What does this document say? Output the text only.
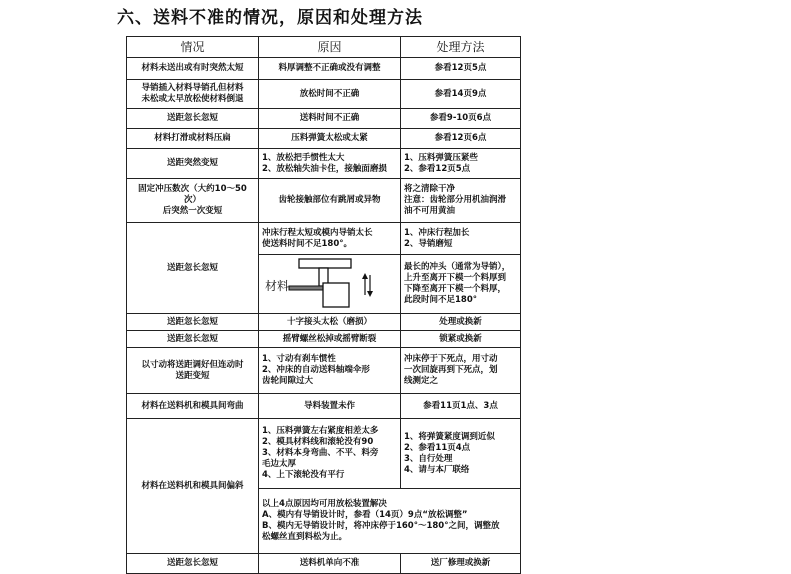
六、送料不准的情况，原因和处理方法
情况	原因	处理方法
材料未送出或有时突然太短	料厚调整不正确或没有调整	参看12页5点
导销插入材料导销孔但材料
未松或太早放松使材料倒退	放松时间不正确	参看14页9点
送距忽长忽短	送料时间不正确	参看9-10页6点
材料打滑或材料压扁	压料弹簧太松或太紧	参看12页6点
送距突然变短	1、放松把手惯性太大
2、放松轴失油卡住，接触面磨损	1、压料弹簧压紧些
2、参看12页5点
固定冲压数次（大约10～50次）
后突然一次变短	齿轮接触部位有跳屑或异物	将之清除干净
注意：齿轮部分用机油润滑
油不可用黄油
送距忽长忽短	冲床行程太短或模内导销太长
使送料时间不足180°。	1、冲床行程加长
2、导销磨短

	材料	最长的冲头（通常为导销），
上升至离开下模一个料厚到
下降至离开下模一个料厚，
此段时间不足180°
送距忽长忽短	十字接头太松（磨损）	处理或换新
送距忽长忽短	摇臂螺丝松掉或摇臂断裂	锁紧或换新
以寸动将送距调好但连动时
送距变短	1、寸动有刹车惯性
2、冲床的自动送料轴端伞形
齿轮间隙过大	冲床停于下死点，用寸动
一次回旋再到下死点，划
线测定之
材料在送料机和模具间弯曲	导料装置未作	参看11页1点、3点
材料在送料机和模具间偏斜	1、压料弹簧左右紧度相差太多
2、模具材料线和滚轮没有90
3、材料本身弯曲、不平、料旁
毛边太厚
4、上下滚轮没有平行	1、将弹簧紧度调到近似
2、参看11页4点
3、自行处理
4、请与本厂联络
	以上4点原因均可用放松装置解决
A、模内有导销设计时，参看（14页）9点“放松调整”
B、模内无导销设计时，将冲床停于160°～180°之间，调整放
松螺丝直到料松为止。	
送距忽长忽短	送料机单向不准	送厂修理或换新
